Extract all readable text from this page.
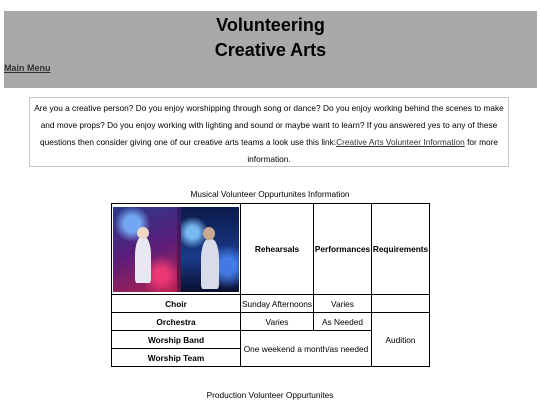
Volunteering
Creative Arts
Main Menu
Are you a creative person? Do you enjoy worshipping through song or dance? Do you enjoy working behind the scenes to make and move props? Do you enjoy working with lighting and sound or maybe want to learn? If you answered yes to any of these questions then consider giving one of our creative arts teams a look use this link:Creative Arts Volunteer Information for more information.
Musical Volunteer Oppurtunites Information
	Rehearsals	Performances	Requirements
Choir	Sunday Afternoons	Varies	
Orchestra	Varies	As Needed	Audition
Worship Band	One weekend a month/as needed		
Worship Team			
Production Volunteer Oppurtunites
